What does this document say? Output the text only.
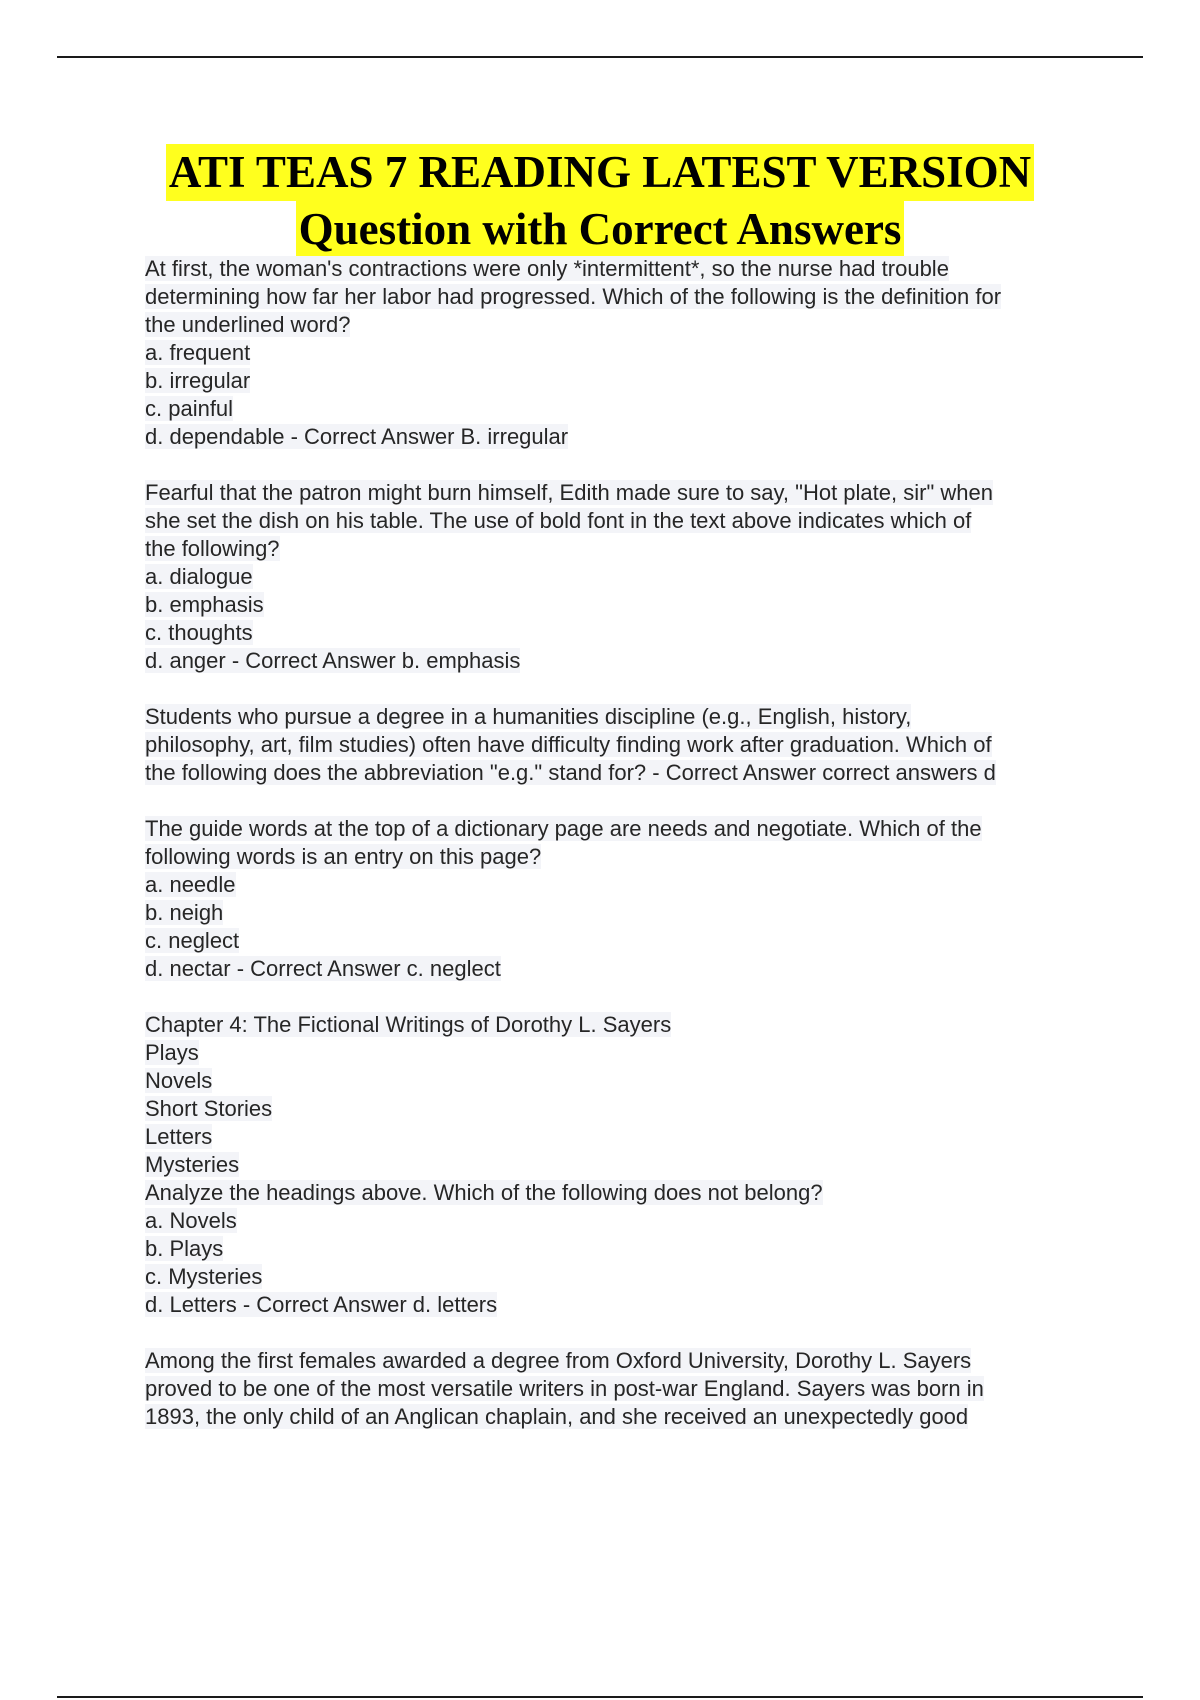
ATI TEAS 7 READING LATEST VERSION
Question with Correct Answers
At first, the woman's contractions were only *intermittent*, so the nurse had trouble
determining how far her labor had progressed. Which of the following is the definition for
the underlined word?
a. frequent
b. irregular
c. painful
d. dependable - Correct Answer B. irregular
Fearful that the patron might burn himself, Edith made sure to say, "Hot plate, sir" when
she set the dish on his table. The use of bold font in the text above indicates which of
the following?
a. dialogue
b. emphasis
c. thoughts
d. anger - Correct Answer b. emphasis
Students who pursue a degree in a humanities discipline (e.g., English, history,
philosophy, art, film studies) often have difficulty finding work after graduation. Which of
the following does the abbreviation "e.g." stand for? - Correct Answer correct answers d
The guide words at the top of a dictionary page are needs and negotiate. Which of the
following words is an entry on this page?
a. needle
b. neigh
c. neglect
d. nectar - Correct Answer c. neglect
Chapter 4: The Fictional Writings of Dorothy L. Sayers
Plays
Novels
Short Stories
Letters
Mysteries
Analyze the headings above. Which of the following does not belong?
a. Novels
b. Plays
c. Mysteries
d. Letters - Correct Answer d. letters
Among the first females awarded a degree from Oxford University, Dorothy L. Sayers
proved to be one of the most versatile writers in post-war England. Sayers was born in
1893, the only child of an Anglican chaplain, and she received an unexpectedly good
